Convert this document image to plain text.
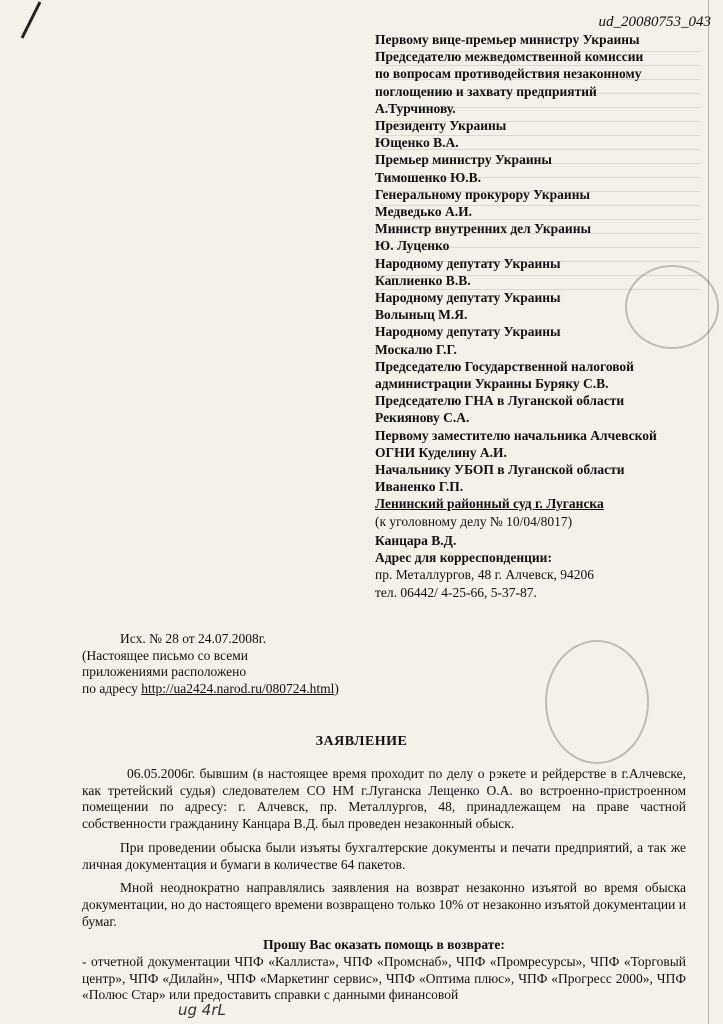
ud_20080753_043
Первому вице-премьер министру Украины
Председателю межведомственной комиссии
по вопросам противодействия незаконному
поглощению и захвату предприятий
А.Турчинову.
Президенту Украины
Ющенко В.А.
Премьер министру Украины
Тимошенко Ю.В.
Генеральному прокурору Украины
Медведько А.И.
Министр внутренних дел Украины
Ю. Луценко
Народному депутату Украины
Каплиенко В.В.
Народному депутату Украины
Волыныц М.Я.
Народному депутату Украины
Москалю Г.Г.
Председателю Государственной налоговой
администрации Украины Буряку С.В.
Председателю ГНА в Луганской области
Рекиянову С.А.
Первому заместителю начальника Алчевской
ОГНИ Куделину А.И.
Начальнику УБОП в Луганской области
Иваненко Г.П.
Ленинский районный суд г. Луганска
(к уголовному делу № 10/04/8017)
Канцара В.Д.
Адрес для корреспонденции:
пр. Металлургов, 48 г. Алчевск, 94206
тел. 06442/ 4-25-66, 5-37-87.
Исх. № 28 от 24.07.2008г.
(Настоящее письмо со всеми
приложениями расположено
по адресу http://ua2424.narod.ru/080724.html)
ЗАЯВЛЕНИЕ

06.05.2006г. бывшим (в настоящее время проходит по делу о рэкете и рейдерстве в г.Алчевске, как третейский судья) следователем СО НМ г.Луганска Лещенко О.А. во встроенно-пристроенном помещении по адресу: г. Алчевск, пр. Металлургов, 48, принадлежащем на праве частной собственности гражданину Канцара В.Д. был проведен незаконный обыск.

При проведении обыска были изъяты бухгалтерские документы и печати предприятий, а так же личная документация и бумаги в количестве 64 пакетов.

Мной неоднократно направлялись заявления на возврат незаконно изъятой во время обыска документации, но до настоящего времени возвращено только 10% от незаконно изъятой документации и бумаг.

Прошу Вас оказать помощь в возврате:

- отчетной документации ЧПФ «Каллиста», ЧПФ «Промснаб», ЧПФ «Промресурсы», ЧПФ «Торговый центр», ЧПФ «Дилайн», ЧПФ «Маркетинг сервис», ЧПФ «Оптима плюс», ЧПФ «Прогресс 2000», ЧПФ «Полюс Стар» или предоставить справки с данными финансовой

ug 4rL
